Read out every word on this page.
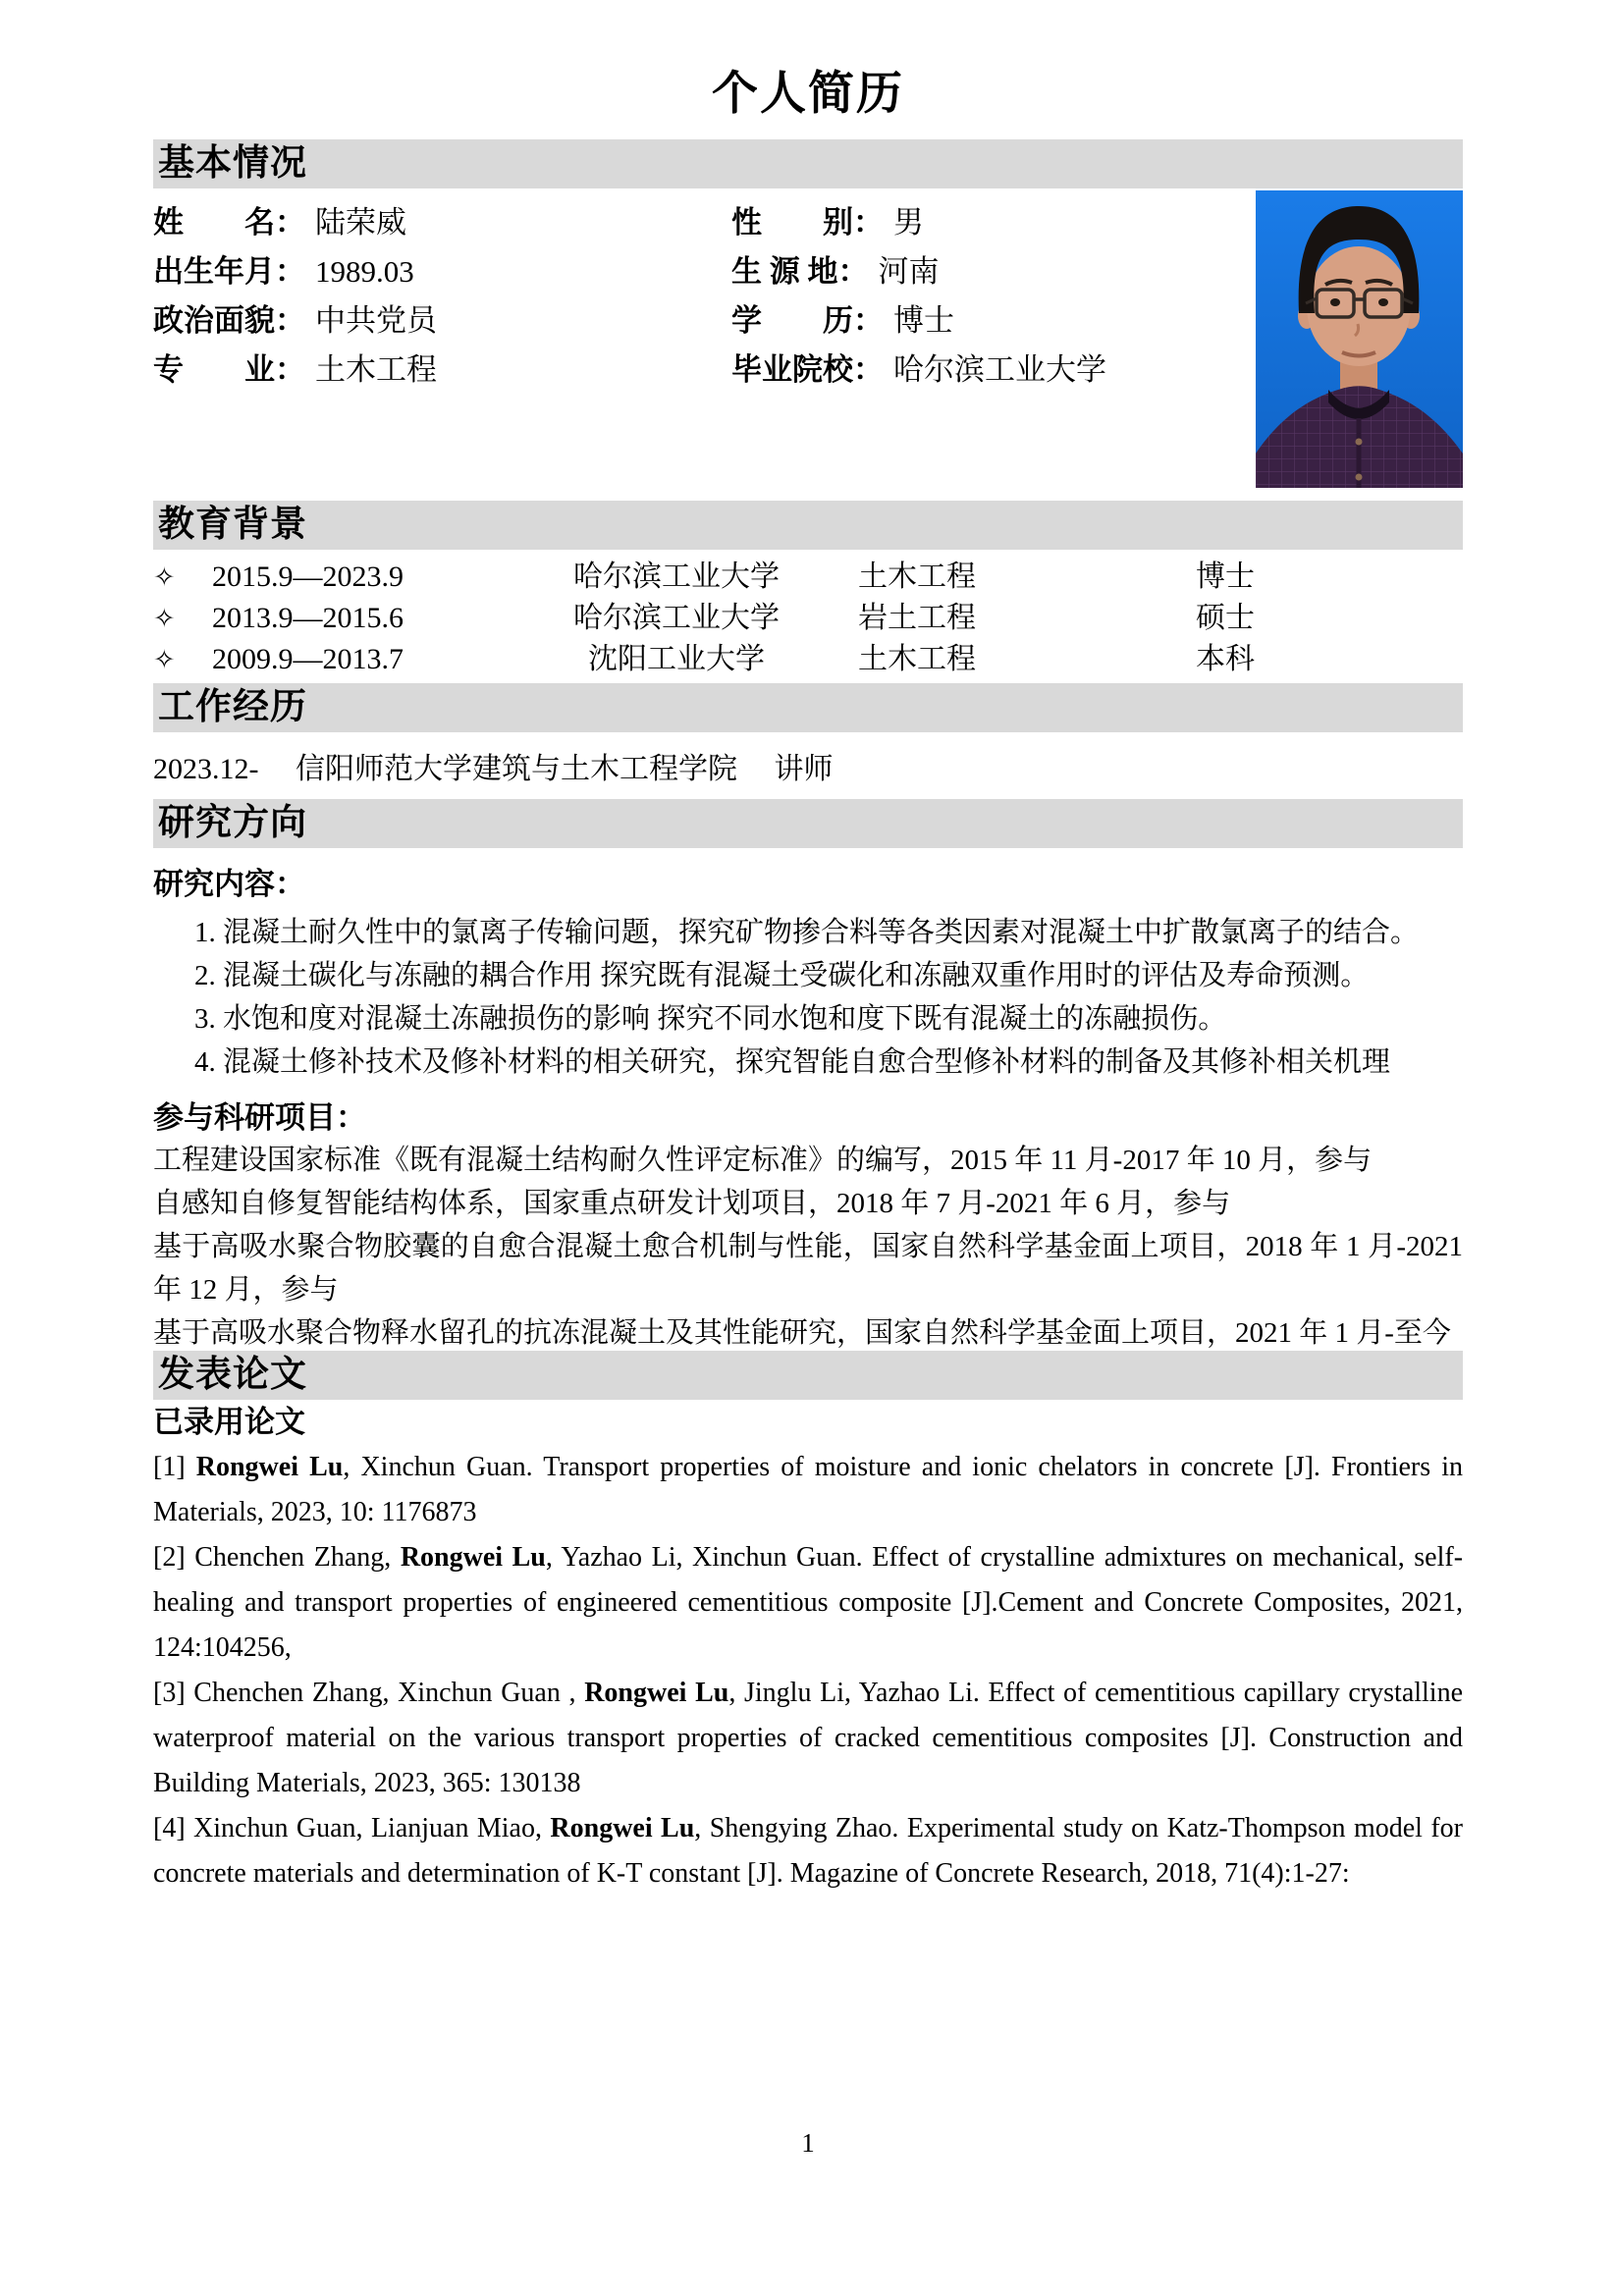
个人简历
基本情况
姓　　名： 陆荣威	性　　别： 男
出生年月： 1989.03	生 源 地： 河南
政治面貌： 中共党员	学　　历： 博士
专　　业： 土木工程	毕业院校： 哈尔滨工业大学
教育背景
✧	2015.9—2023.9	哈尔滨工业大学	土木工程	博士
✧	2013.9—2015.6	哈尔滨工业大学	岩土工程	硕士
✧	2009.9—2013.7	沈阳工业大学	土木工程	本科
工作经历
2023.12- 信阳师范大学建筑与土木工程学院 讲师
研究方向
研究内容：
1. 混凝土耐久性中的氯离子传输问题，探究矿物掺合料等各类因素对混凝土中扩散氯离子的结合。
2. 混凝土碳化与冻融的耦合作用 探究既有混凝土受碳化和冻融双重作用时的评估及寿命预测。
3. 水饱和度对混凝土冻融损伤的影响 探究不同水饱和度下既有混凝土的冻融损伤。
4. 混凝土修补技术及修补材料的相关研究，探究智能自愈合型修补材料的制备及其修补相关机理
参与科研项目：
工程建设国家标准《既有混凝土结构耐久性评定标准》的编写，2015 年 11 月-2017 年 10 月，参与
自感知自修复智能结构体系，国家重点研发计划项目，2018 年 7 月-2021 年 6 月，参与
基于高吸水聚合物胶囊的自愈合混凝土愈合机制与性能，国家自然科学基金面上项目，2018 年 1 月-2021 年 12 月，参与
基于高吸水聚合物释水留孔的抗冻混凝土及其性能研究，国家自然科学基金面上项目，2021 年 1 月-至今
发表论文
已录用论文

[1] Rongwei Lu, Xinchun Guan. Transport properties of moisture and ionic chelators in concrete [J]. Frontiers in Materials, 2023, 10: 1176873

[2] Chenchen Zhang, Rongwei Lu, Yazhao Li, Xinchun Guan. Effect of crystalline admixtures on mechanical, self-healing and transport properties of engineered cementitious composite [J].Cement and Concrete Composites, 2021, 124:104256,

[3] Chenchen Zhang, Xinchun Guan , Rongwei Lu, Jinglu Li, Yazhao Li. Effect of cementitious capillary crystalline waterproof material on the various transport properties of cracked cementitious composites [J]. Construction and Building Materials, 2023, 365: 130138

[4] Xinchun Guan, Lianjuan Miao, Rongwei Lu, Shengying Zhao. Experimental study on Katz-Thompson model for concrete materials and determination of K-T constant [J]. Magazine of Concrete Research, 2018, 71(4):1-27:

1
